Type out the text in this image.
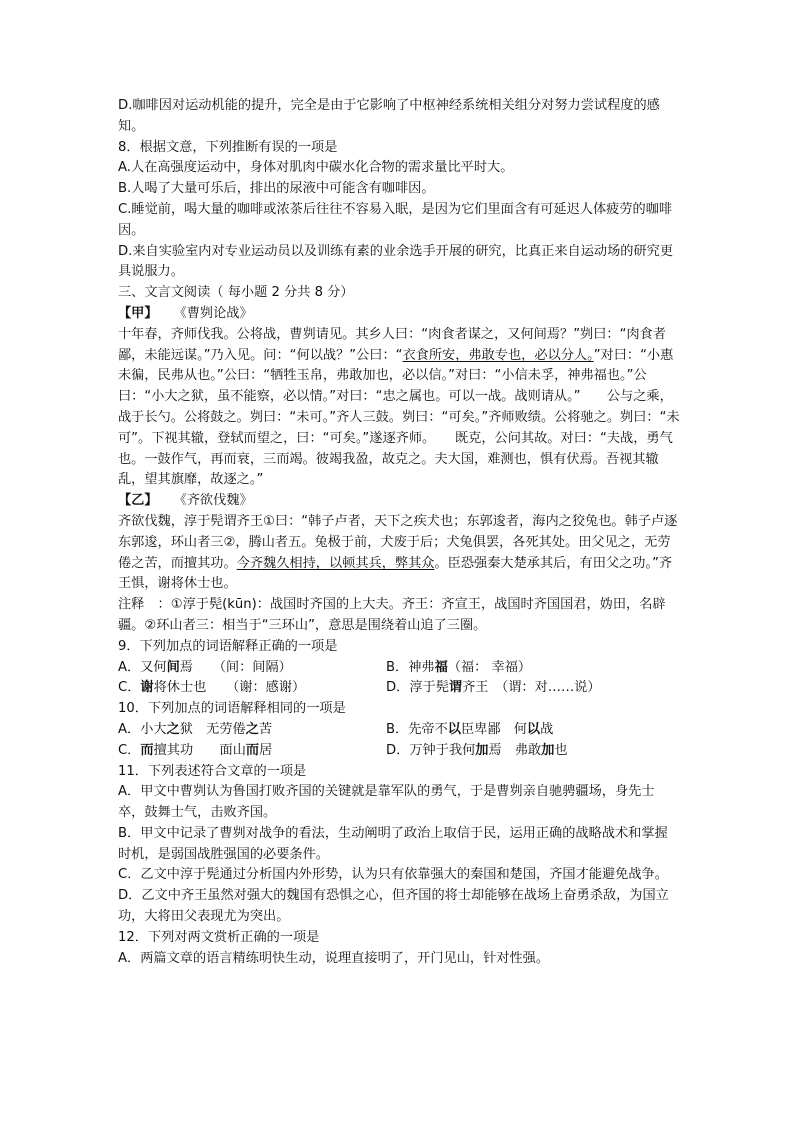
D.咖啡因对运动机能的提升，完全是由于它影响了中枢神经系统相关组分对努力尝试程度的感知。

8．根据文意，下列推断有误的一项是

A.人在高强度运动中，身体对肌肉中碳水化合物的需求量比平时大。

B.人喝了大量可乐后，排出的尿液中可能含有咖啡因。

C.睡觉前，喝大量的咖啡或浓茶后往往不容易入眠，是因为它们里面含有可延迟人体疲劳的咖啡因。

D.来自实验室内对专业运动员以及训练有素的业余选手开展的研究，比真正来自运动场的研究更具说服力。

三、文言文阅读（ 每小题 2 分共 8 分）

【甲】 《曹刿论战》

十年春，齐师伐我。公将战，曹刿请见。其乡人曰：“肉食者谋之，又何间焉？”刿曰：“肉食者鄙，未能远谋。”乃入见。问：“何以战？”公曰：“衣食所安，弗敢专也，必以分人。”对曰：“小惠未徧，民弗从也。”公曰：“牺牲玉帛，弗敢加也，必以信。”对曰：“小信未孚，神弗福也。”公曰：“小大之狱，虽不能察，必以情。”对曰：“忠之属也。可以一战。战则请从。”　　公与之乘，战于长勺。公将鼓之。刿曰：“未可。”齐人三鼓。刿曰：“可矣。”齐师败绩。公将驰之。刿曰：“未可”。下视其辙，登轼而望之，曰：“可矣。”遂逐齐师。　　既克，公问其故。对曰：“夫战，勇气也。一鼓作气，再而衰，三而竭。彼竭我盈，故克之。夫大国，难测也，惧有伏焉。吾视其辙乱，望其旗靡，故逐之。”

【乙】 《齐欲伐魏》

齐欲伐魏，淳于髡谓齐王①曰：“韩子卢者，天下之疾犬也；东郭逡者，海内之狡兔也。韩子卢逐东郭逡，环山者三②，腾山者五。兔极于前，犬废于后；犬兔俱罢，各死其处。田父见之，无劳倦之苦，而擅其功。今齐魏久相持，以顿其兵，弊其众。臣恐强秦大楚承其后，有田父之功。”齐王惧，谢将休士也。

注释　：①淳于髡(kūn)：战国时齐国的上大夫。齐王：齐宣王，战国时齐国国君，妫田，名辟疆。②环山者三：相当于“三环山”，意思是围绕着山追了三圈。

9．下列加点的词语解释正确的一项是

A．又何间焉　　（间：间隔）	B．神弗福（福： 幸福）
C．谢将休士也　　（谢：感谢）	D．淳于髡谓齐王　（谓：对……说）

10．下列加点的词语解释相同的一项是

A．小大之狱　无劳倦之苦	B．先帝不以臣卑鄙　何以战
C．而擅其功　　面山而居	D．万钟于我何加焉　弗敢加也

11．下列表述符合文章的一项是

A．甲文中曹刿认为鲁国打败齐国的关键就是靠军队的勇气，于是曹刿亲自驰骋疆场，身先士卒，鼓舞士气，击败齐国。

B．甲文中记录了曹刿对战争的看法，生动阐明了政治上取信于民，运用正确的战略战术和掌握时机，是弱国战胜强国的必要条件。

C．乙文中淳于髡通过分析国内外形势，认为只有依靠强大的秦国和楚国，齐国才能避免战争。

D．乙文中齐王虽然对强大的魏国有恐惧之心，但齐国的将士却能够在战场上奋勇杀敌，为国立功，大将田父表现尤为突出。

12．下列对两文赏析正确的一项是

A．两篇文章的语言精练明快生动，说理直接明了，开门见山，针对性强。
